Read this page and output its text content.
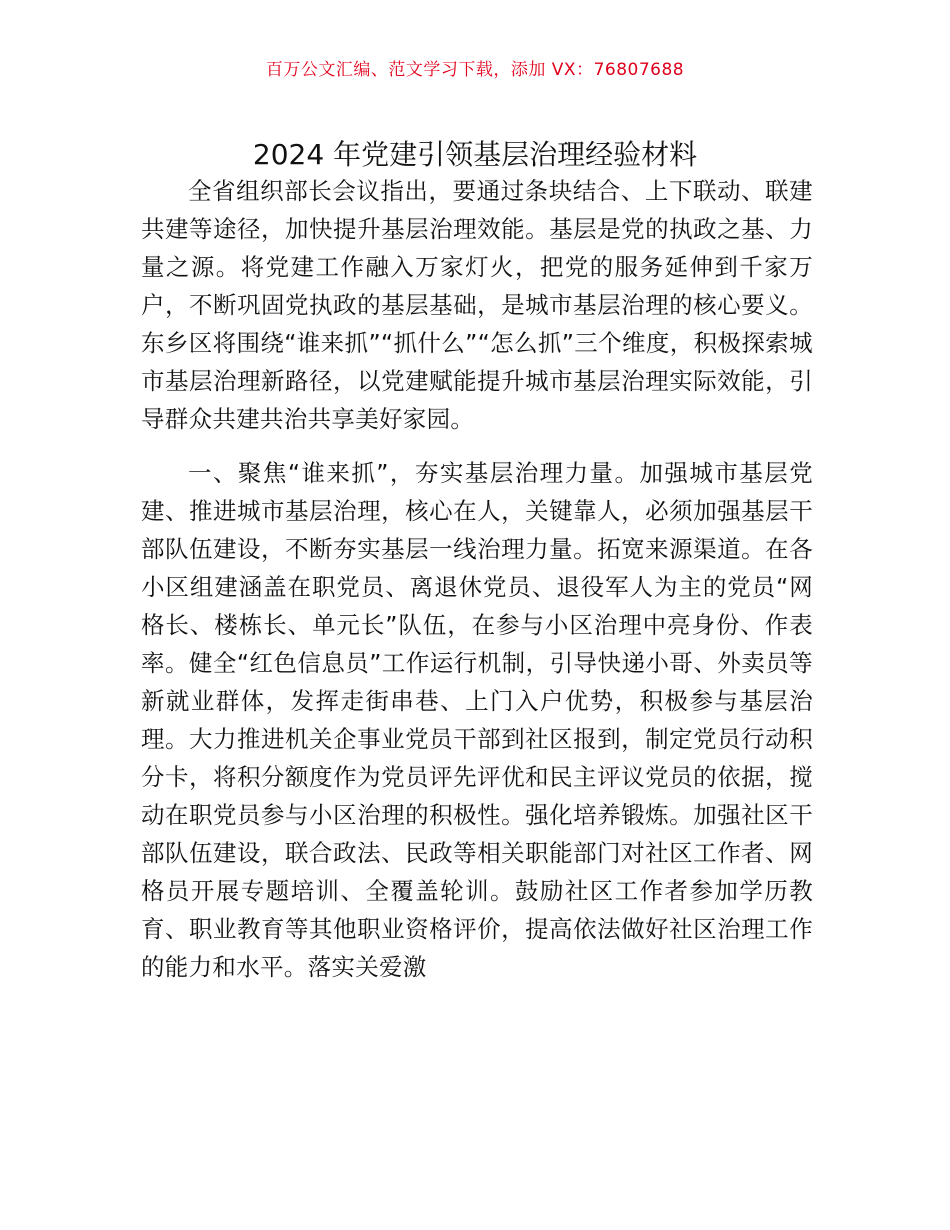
百万公文汇编、范文学习下载，添加 VX：76807688
2024 年党建引领基层治理经验材料

全省组织部长会议指出，要通过条块结合、上下联动、联建共建等途径，加快提升基层治理效能。基层是党的执政之基、力量之源。将党建工作融入万家灯火，把党的服务延伸到千家万户，不断巩固党执政的基层基础，是城市基层治理的核心要义。东乡区将围绕“谁来抓”“抓什么”“怎么抓”三个维度，积极探索城市基层治理新路径，以党建赋能提升城市基层治理实际效能，引导群众共建共治共享美好家园。

一、聚焦“谁来抓”，夯实基层治理力量。加强城市基层党建、推进城市基层治理，核心在人，关键靠人，必须加强基层干部队伍建设，不断夯实基层一线治理力量。拓宽来源渠道。在各小区组建涵盖在职党员、离退休党员、退役军人为主的党员“网格长、楼栋长、单元长”队伍，在参与小区治理中亮身份、作表率。健全“红色信息员”工作运行机制，引导快递小哥、外卖员等新就业群体，发挥走街串巷、上门入户优势，积极参与基层治理。大力推进机关企事业党员干部到社区报到，制定党员行动积分卡，将积分额度作为党员评先评优和民主评议党员的依据，搅动在职党员参与小区治理的积极性。强化培养锻炼。加强社区干部队伍建设，联合政法、民政等相关职能部门对社区工作者、网格员开展专题培训、全覆盖轮训。鼓励社区工作者参加学历教育、职业教育等其他职业资格评价，提高依法做好社区治理工作的能力和水平。落实关爱激
